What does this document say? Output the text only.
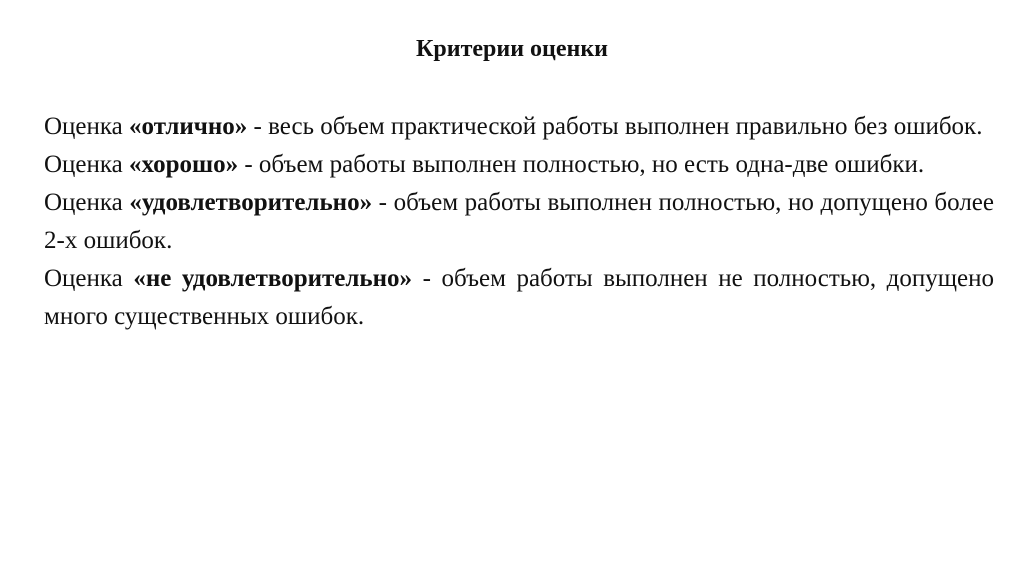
Критерии оценки

Оценка «отлично» - весь объем практической работы выполнен правильно без ошибок.

Оценка «хорошо» - объем работы выполнен полностью, но есть одна-две ошибки.

Оценка «удовлетворительно» - объем работы выполнен полностью, но допущено более 2-х ошибок.

Оценка «не удовлетворительно» - объем работы выполнен не полностью, допущено много существенных ошибок.
